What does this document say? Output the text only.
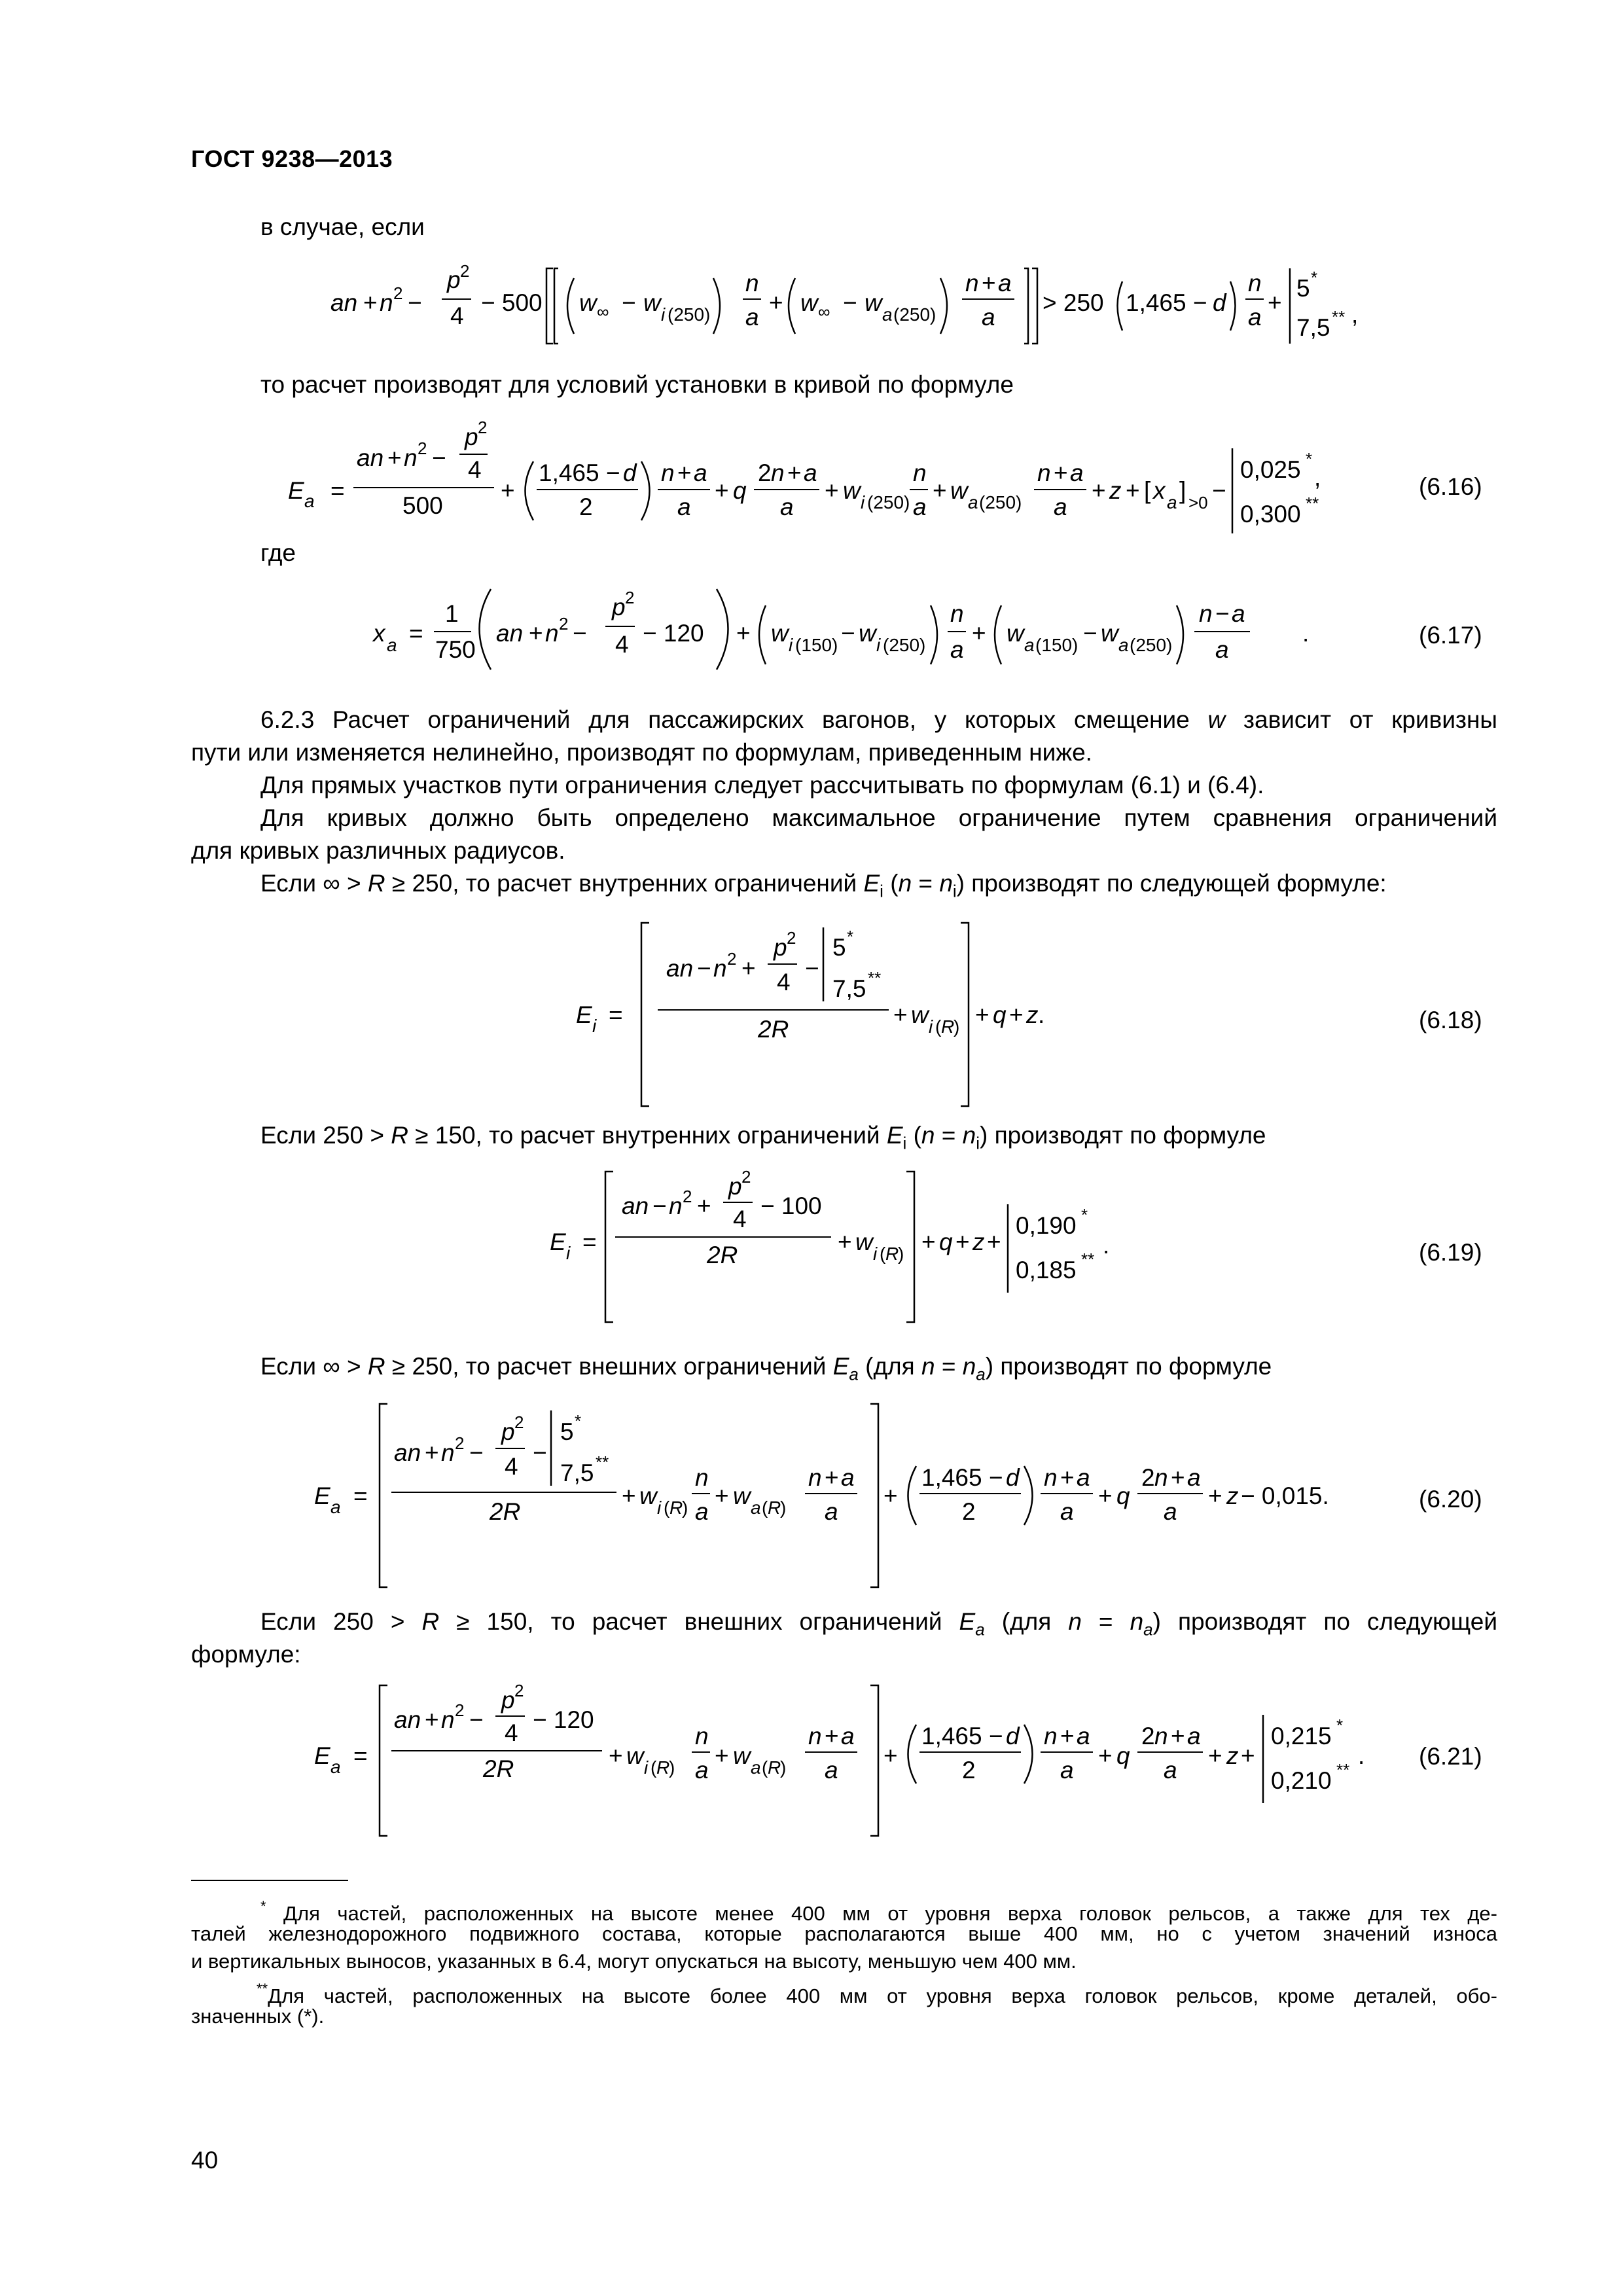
ГОСТ 9238—2013
в случае, если
an + n 2 −
p 2
4 − 500 w ∞ − w i (250)
n
a
+ w ∞ − w a (250)
n + a
a
> 250 1,465 − d
n
a
+
5 *
7,5 ** ,
то расчет производят для условий установки в кривой по формуле
E a =
an + n 2 −
p 2
4
500
+
1,465 − d
2
n + a
a
+ q
2 n + a
a
+ w i (250)
n
a
+ w a (250)
n + a
a
+ z + [ x a ] >0 −
0,025 *
,
0,300 **
(6.16)
где
x a =
1
750
an + n 2 −
p 2
4 − 120 + w i (150) − w i (250)
n
a
+ w a (150) − w a (250)
n − a
a
.	(6.17)
6.2.3 Расчет ограничений для пассажирских вагонов, у которых смещение w зависит от кривизны
пути или изменяется нелинейно, производят по формулам, приведенным ниже.
Для прямых участков пути ограничения следует рассчитывать по формулам (6.1) и (6.4).
Для кривых должно быть определено максимальное ограничение путем сравнения ограничений
для кривых различных радиусов.
Если ∞ > R ≥ 250, то расчет внутренних ограничений $E_i$ $(n = n_i)$ производят по следующей формуле:
E i =
an − n 2 +
p 2
4
−
5 *
7,5 **
2R
+ w i ( R
) + q + z .	(6.18)
Если 250 > R ≥ 150, то расчет внутренних ограничений $E_i$ $(n = n_i)$ производят по формуле
E i =
an − n 2 +
p 2
4 − 100
2R	+ w i ( R
) + q + z +
0,190 *
0,185 **
.	(6.19)
Если ∞ > R ≥ 250, то расчет внешних ограничений $E_a$ (для $n = n_a$) производят по формуле
E a =
an + n 2 −
p 2
4
−
5 *
7,5 **
2R
+ w i ( R
)
n
a
+ w a ( R
)
n + a
a
+
1,465 − d
2
n + a
a
+ q
2 n + a
a
+ z − 0,015.	(6.20)
Если 250 > R ≥ 150, то расчет внешних ограничений $E_a$ (для $n = n_a$) производят по следующей
формуле:
E a =
an + n 2 −
p 2
4 − 120
2R	+ w i ( R
)
n
a
+ w a ( R
)
n + a
a
+
1,465 − d
2
n + a
a
+ q
2 n + a
a
+ z +
0,215 *
0,210 **
. (6.21)
* Для частей, расположенных на высоте менее 400 мм от уровня верха головок рельсов, а также для тех де-
талей железнодорожного подвижного состава, которые располагаются выше 400 мм, но с учетом значений износа
и вертикальных выносов, указанных в 6.4, могут опускаться на высоту, меньшую чем 400 мм.
**Для частей, расположенных на высоте более 400 мм от уровня верха головок рельсов, кроме деталей, обо-
значенных (*).
40
